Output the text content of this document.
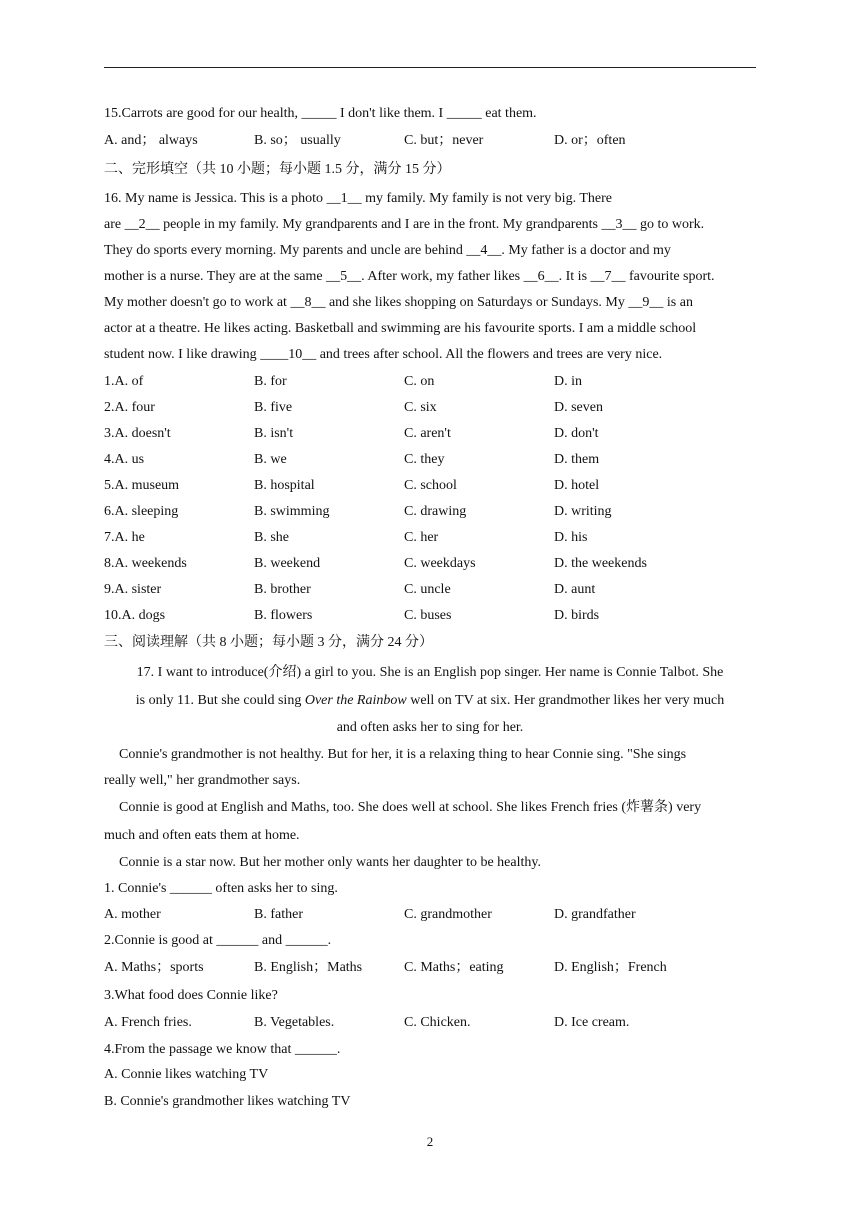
15.Carrots are good for our health, _____ I don't like them. I _____ eat them.
A. and； always	B. so； usually	C. but；never	D. or；often
二、完形填空（共 10 小题；每小题 1.5 分，满分 15 分）
16. My name is Jessica. This is a photo __1__ my family. My family is not very big. There
are __2__ people in my family. My grandparents and I are in the front. My grandparents __3__ go to work.
They do sports every morning. My parents and uncle are behind __4__. My father is a doctor and my
mother is a nurse. They are at the same __5__. After work, my father likes __6__. It is __7__ favourite sport.
My mother doesn't go to work at __8__ and she likes shopping on Saturdays or Sundays. My __9__ is an
actor at a theatre. He likes acting. Basketball and swimming are his favourite sports. I am a middle school
student now. I like drawing ____10__ and trees after school. All the flowers and trees are very nice.
1.A. of	B. for	C. on	D. in
2.A. four	B. five	C. six	D. seven
3.A. doesn't	B. isn't	C. aren't	D. don't
4.A. us	B. we	C. they	D. them
5.A. museum	B. hospital	C. school	D. hotel
6.A. sleeping	B. swimming	C. drawing	D. writing
7.A. he	B. she	C. her	D. his
8.A. weekends	B. weekend	C. weekdays	D. the weekends
9.A. sister	B. brother	C. uncle	D. aunt
10.A. dogs	B. flowers	C. buses	D. birds
三、阅读理解（共 8 小题；每小题 3 分，满分 24 分）
17. I want to introduce(介绍) a girl to you. She is an English pop singer. Her name is Connie Talbot. She
is only 11. But she could sing Over the Rainbow well on TV at six. Her grandmother likes her very much
and often asks her to sing for her.
Connie's grandmother is not healthy. But for her, it is a relaxing thing to hear Connie sing. "She sings
really well," her grandmother says.
Connie is good at English and Maths, too. She does well at school. She likes French fries (炸薯条) very
much and often eats them at home.
Connie is a star now. But her mother only wants her daughter to be healthy.
1. Connie's ______ often asks her to sing.
A. mother	B. father	C. grandmother	D. grandfather
2.Connie is good at ______ and ______.
A. Maths；sports	B. English；Maths	C. Maths；eating	D. English；French
3.What food does Connie like?
A. French fries.	B. Vegetables.	C. Chicken.	D. Ice cream.
4.From the passage we know that ______.
A. Connie likes watching TV
B. Connie's grandmother likes watching TV
2
